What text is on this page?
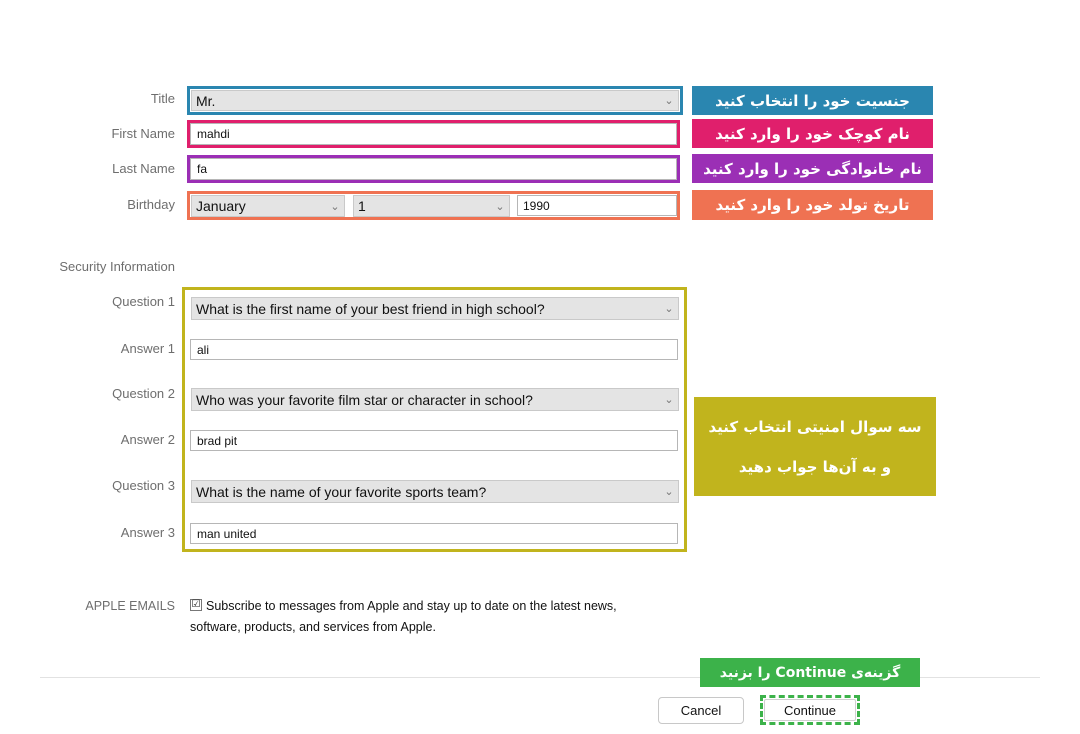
Title Mr.	⌄	جنسیت خود را انتخاب کنید
First Name	mahdi	نام کوچک خود را وارد کنید
Last Name	fa	نام خانوادگی خود را وارد کنید
Birthday January	⌄	1	⌄	1990	تاریخ تولد خود را وارد کنید
Security Information
Question 1 What is the first name of your best friend in high school?	⌄
Answer 1	ali
Question 2 Who was your favorite film star or character in school?	⌄
Answer 2	brad pit
Question 3 What is the name of your favorite sports team?	⌄
Answer 3	man united
سه سوال امنیتی انتخاب کنید
و به آن‌ها جواب دهید
APPLE EMAILS ☑ Subscribe to messages from Apple and stay up to date on the latest news,
software, products, and services from Apple.
گزینه‌ی Continue را بزنید
Cancel	Continue
